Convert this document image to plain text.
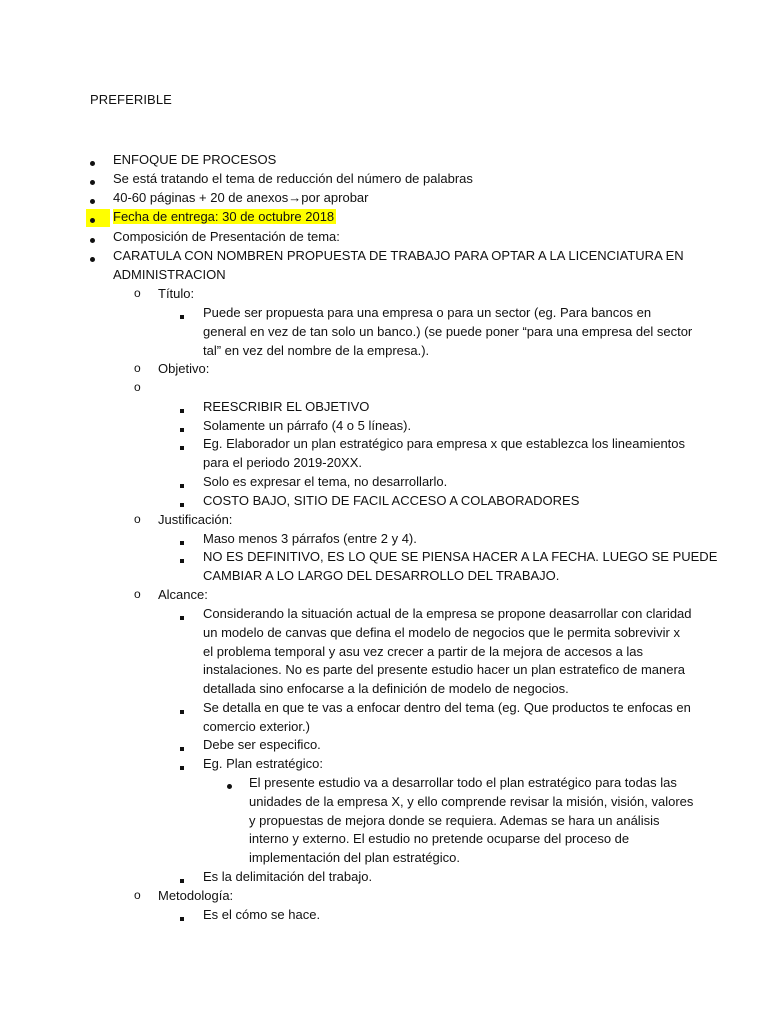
PREFERIBLE
ENFOQUE DE PROCESOS
Se está tratando el tema de reducción del número de palabras
40-60 páginas + 20 de anexos→por aprobar
Fecha de entrega: 30 de octubre 2018
Composición de Presentación de tema:
CARATULA CON NOMBREN PROPUESTA DE TRABAJO PARA OPTAR A LA LICENCIATURA EN
ADMINISTRACION
o Título:
Puede ser propuesta para una empresa o para un sector (eg. Para bancos en
general en vez de tan solo un banco.) (se puede poner “para una empresa del sector
tal” en vez del nombre de la empresa.).
o Objetivo:
o
REESCRIBIR EL OBJETIVO
Solamente un párrafo (4 o 5 líneas).
Eg. Elaborador un plan estratégico para empresa x que establezca los lineamientos
para el periodo 2019-20XX.
Solo es expresar el tema, no desarrollarlo.
COSTO BAJO, SITIO DE FACIL ACCESO A COLABORADORES
o Justificación:
Maso menos 3 párrafos (entre 2 y 4).
NO ES DEFINITIVO, ES LO QUE SE PIENSA HACER A LA FECHA. LUEGO SE PUEDE
CAMBIAR A LO LARGO DEL DESARROLLO DEL TRABAJO.
o Alcance:
Considerando la situación actual de la empresa se propone deasarrollar con claridad
un modelo de canvas que defina el modelo de negocios que le permita sobrevivir x
el problema temporal y asu vez crecer a partir de la mejora de accesos a las
instalaciones. No es parte del presente estudio hacer un plan estratefico de manera
detallada sino enfocarse a la definición de modelo de negocios.
Se detalla en que te vas a enfocar dentro del tema (eg. Que productos te enfocas en
comercio exterior.)
Debe ser especifico.
Eg. Plan estratégico:
El presente estudio va a desarrollar todo el plan estratégico para todas las
unidades de la empresa X, y ello comprende revisar la misión, visión, valores
y propuestas de mejora donde se requiera. Ademas se hara un análisis
interno y externo. El estudio no pretende ocuparse del proceso de
implementación del plan estratégico.
Es la delimitación del trabajo.
o Metodología:
Es el cómo se hace.
